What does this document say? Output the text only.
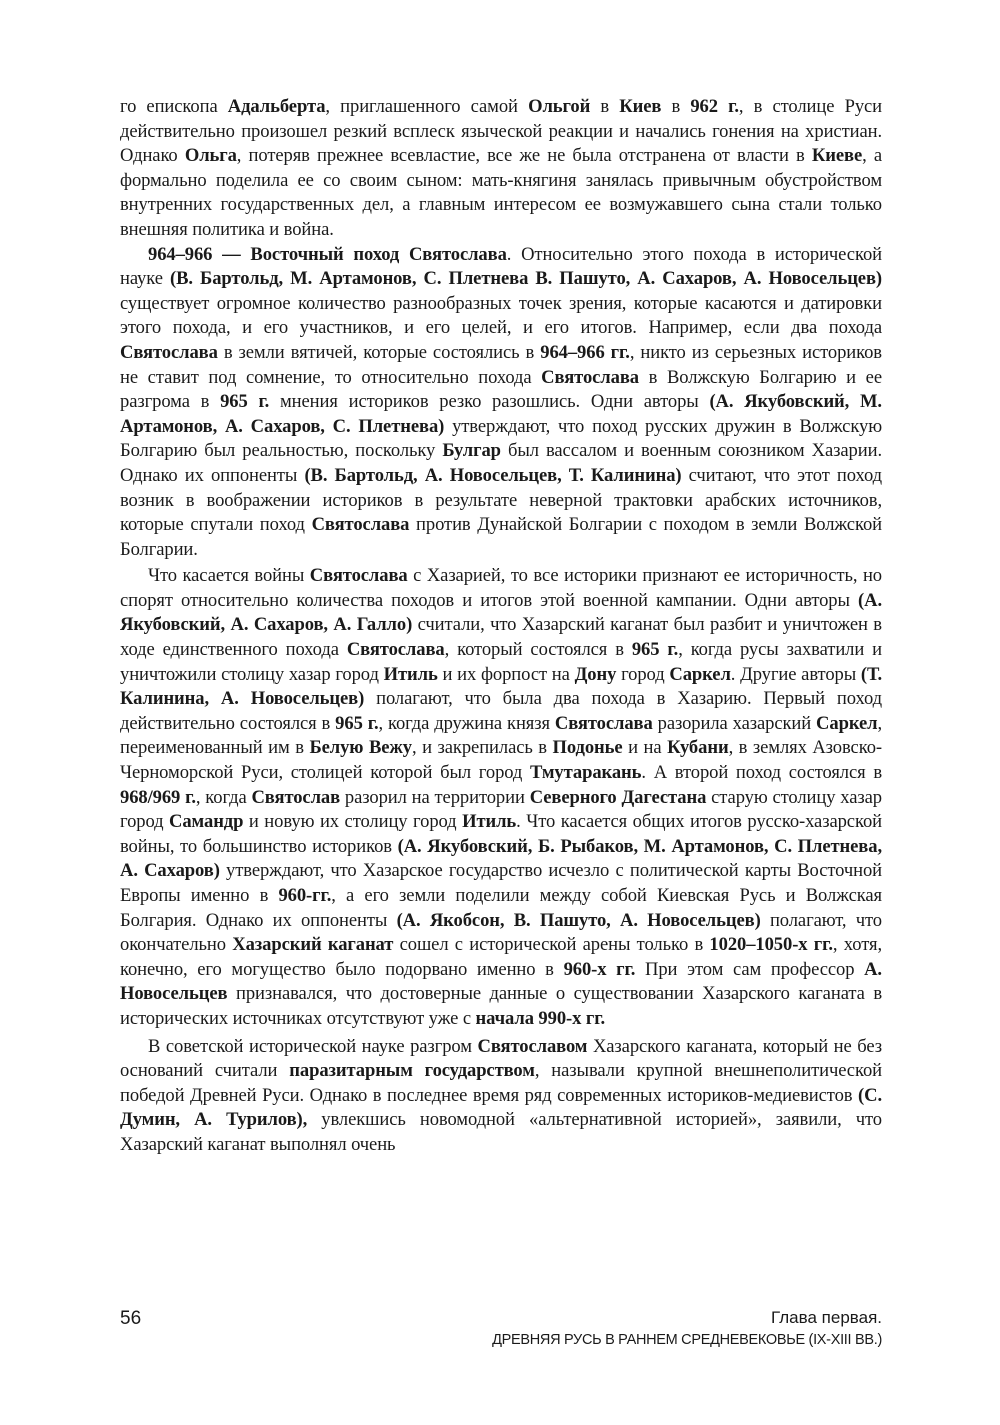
го епископа Адальберта, приглашенного самой Ольгой в Киев в 962 г., в столице Руси действительно произошел резкий всплеск языческой реакции и начались гонения на христиан. Однако Ольга, потеряв прежнее всевластие, все же не была отстранена от власти в Киеве, а формально поделила ее со своим сыном: мать-княгиня занялась привычным обустройством внутренних государственных дел, а главным интересом ее возмужавшего сына стали только внешняя политика и война.

964–966 — Восточный поход Святослава. Относительно этого похода в исторической науке (В. Бартольд, М. Артамонов, С. Плетнева В. Пашуто, А. Сахаров, А. Новосельцев) существует огромное количество разнообразных точек зрения, которые касаются и датировки этого похода, и его участников, и его целей, и его итогов. Например, если два похода Святослава в земли вятичей, которые состоялись в 964–966 гг., никто из серьезных историков не ставит под сомнение, то относительно похода Святослава в Волжскую Болгарию и ее разгрома в 965 г. мнения историков резко разошлись. Одни авторы (А. Якубовский, М. Артамонов, А. Сахаров, С. Плетнева) утверждают, что поход русских дружин в Волжскую Болгарию был реальностью, поскольку Булгар был вассалом и военным союзником Хазарии. Однако их оппоненты (В. Бартольд, А. Новосельцев, Т. Калинина) считают, что этот поход возник в воображении историков в результате неверной трактовки арабских источников, которые спутали поход Святослава против Дунайской Болгарии с походом в земли Волжской Болгарии.

Что касается войны Святослава с Хазарией, то все историки признают ее историчность, но спорят относительно количества походов и итогов этой военной кампании. Одни авторы (А. Якубовский, А. Сахаров, А. Галло) считали, что Хазарский каганат был разбит и уничтожен в ходе единственного похода Святослава, который состоялся в 965 г., когда русы захватили и уничтожили столицу хазар город Итиль и их форпост на Дону город Саркел. Другие авторы (Т. Калинина, А. Новосельцев) полагают, что была два похода в Хазарию. Первый поход действительно состоялся в 965 г., когда дружина князя Святослава разорила хазарский Саркел, переименованный им в Белую Вежу, и закрепилась в Подонье и на Кубани, в землях Азовско-Черноморской Руси, столицей которой был город Тмутаракань. А второй поход состоялся в 968/969 г., когда Святослав разорил на территории Северного Дагестана старую столицу хазар город Самандр и новую их столицу город Итиль. Что касается общих итогов русско-хазарской войны, то большинство историков (А. Якубовский, Б. Рыбаков, М. Артамонов, С. Плетнева, А. Сахаров) утверждают, что Хазарское государство исчезло с политической карты Восточной Европы именно в 960-гг., а его земли поделили между собой Киевская Русь и Волжская Болгария. Однако их оппоненты (А. Якобсон, В. Пашуто, А. Новосельцев) полагают, что окончательно Хазарский каганат сошел с исторической арены только в 1020–1050-х гг., хотя, конечно, его могущество было подорвано именно в 960-х гг. При этом сам профессор А. Новосельцев признавался, что достоверные данные о существовании Хазарского каганата в исторических источниках отсутствуют уже с начала 990-х гг.

В советской исторической науке разгром Святославом Хазарского каганата, который не без оснований считали паразитарным государством, называли крупной внешнеполитической победой Древней Руси. Однако в последнее время ряд современных историков-медиевистов (С. Думин, А. Турилов), увлекшись новомодной «альтернативной историей», заявили, что Хазарский каганат выполнял очень

56	Глава первая.
ДРЕВНЯЯ РУСЬ В РАННЕМ СРЕДНЕВЕКОВЬЕ (IX-XIII ВВ.)
